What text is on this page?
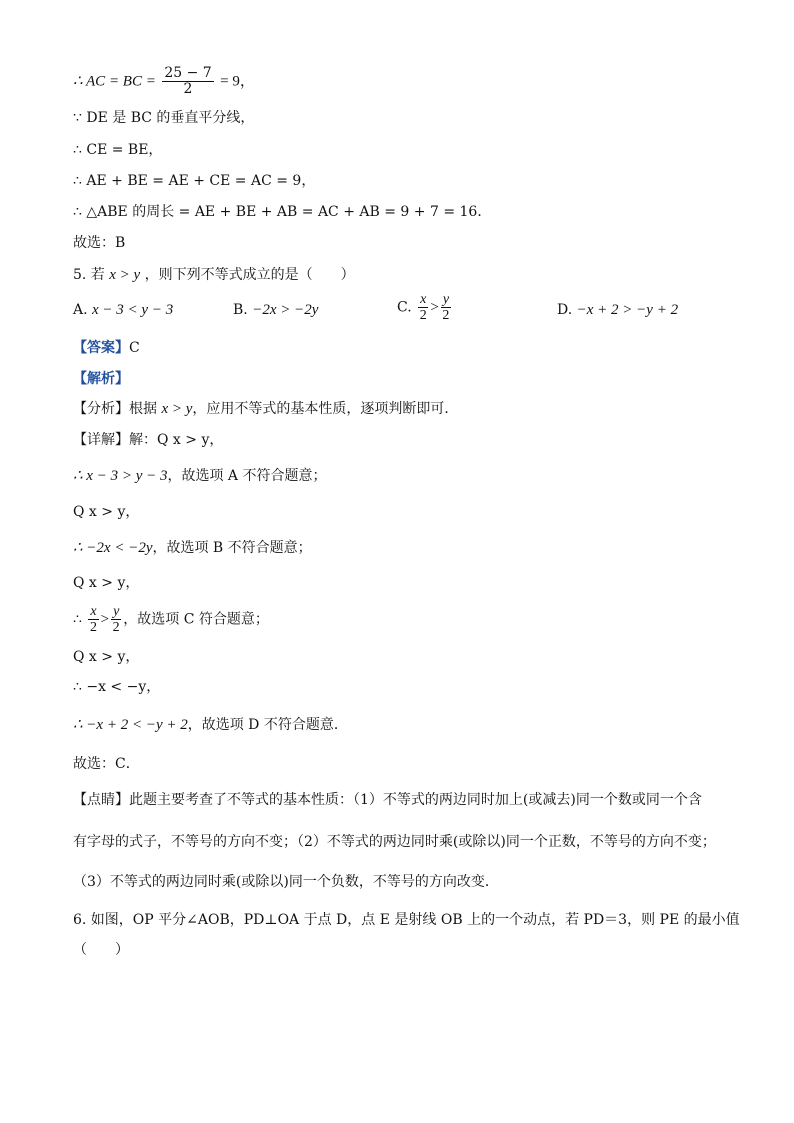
∴ AC = BC = $\frac{25 - 7}{2} = 9$，
∵ DE 是 BC 的垂直平分线，
∴ CE = BE，
∴ AE + BE = AE + CE = AC = 9，
∴ △ABE 的周长 = AE + BE + AB = AC + AB = 9 + 7 = 16．
故选：B
5. 若 x > y ，则下列不等式成立的是（　　）
A. x − 3 < y − 3	B. −2x > −2y	C. $\frac{x}{2} > \frac{y}{2}$	D. −x + 2 > −y + 2
【答案】C
【解析】
【分析】根据 x > y，应用不等式的基本性质，逐项判断即可．
【详解】解：Q x > y，
∴ x − 3 > y − 3，故选项 A 不符合题意；
Q x > y，
∴ −2x < −2y，故选项 B 不符合题意；
Q x > y，
∴ $\frac{x}{2} > \frac{y}{2}$ ，故选项 C 符合题意；
Q x > y，
∴ −x < −y，
∴ −x + 2 < −y + 2，故选项 D 不符合题意．
故选：C．
【点睛】此题主要考查了不等式的基本性质：（1）不等式的两边同时加上(或减去)同一个数或同一个含
有字母的式子，不等号的方向不变；（2）不等式的两边同时乘(或除以)同一个正数，不等号的方向不变；
（3）不等式的两边同时乘(或除以)同一个负数，不等号的方向改变．
6. 如图，OP 平分∠AOB，PD⊥OA 于点 D，点 E 是射线 OB 上的一个动点，若 PD＝3，则 PE 的最小值
（　　）
